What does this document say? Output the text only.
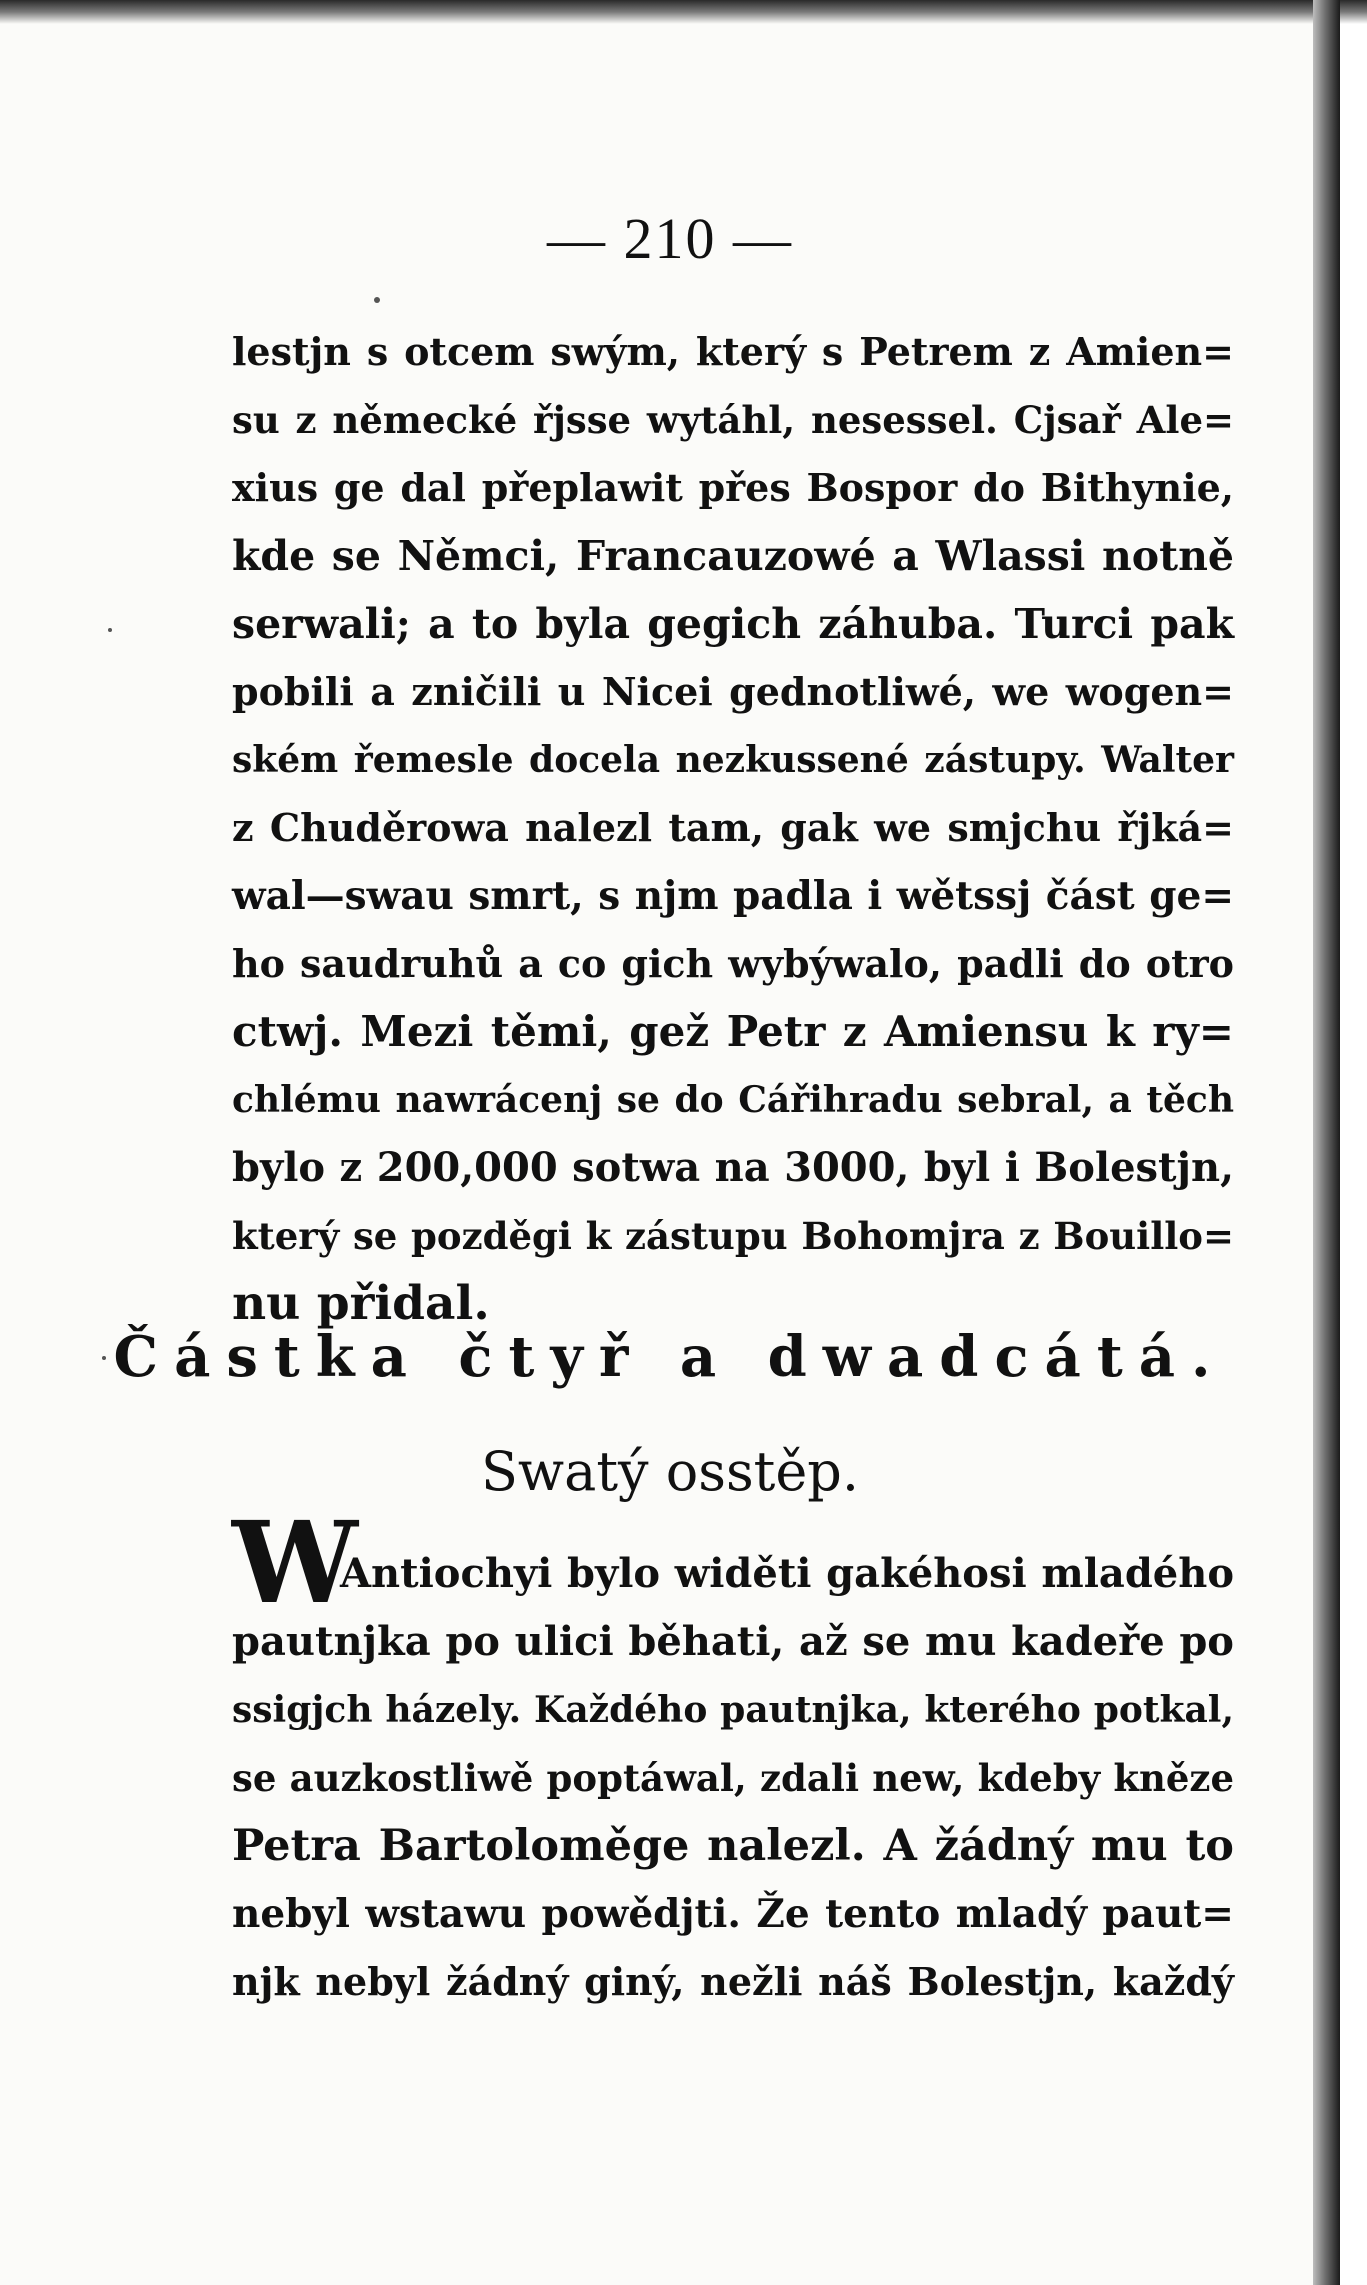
— 210 —
lestjn s otcem swým, který s Petrem z Amien=
su z německé řjsse wytáhl, nesessel. Cjsař Ale=
xius ge dal přeplawit přes Bospor do Bithynie,
kde se Němci, Francauzowé a Wlassi notně
serwali; a to byla gegich záhuba. Turci pak
pobili a zničili u Nicei gednotliwé, we wogen=
ském řemesle docela nezkussené zástupy. Walter
z Chuděrowa nalezl tam, gak we smjchu řjká=
wal—swau smrt, s njm padla i wětssj část ge=
ho saudruhů a co gich wybýwalo, padli do otro
ctwj. Mezi těmi, gež Petr z Amiensu k ry=
chlému nawrácenj se do Cářihradu sebral, a těch
bylo z 200,000 sotwa na 3000, byl i Bolestjn,
který se pozděgi k zástupu Bohomjra z Bouillo=
nu přidal.
Částka čtyř a dwadcátá.
Swatý osstěp.
W
Antiochyi bylo widěti gakéhosi mladého
pautnjka po ulici běhati, až se mu kadeře po
ssigjch házely. Každého pautnjka, kterého potkal,
se auzkostliwě poptáwal, zdali new, kdeby kněze
Petra Bartoloměge nalezl. A žádný mu to
nebyl wstawu powědjti. Že tento mladý paut=
njk nebyl žádný giný, nežli náš Bolestjn, každý
